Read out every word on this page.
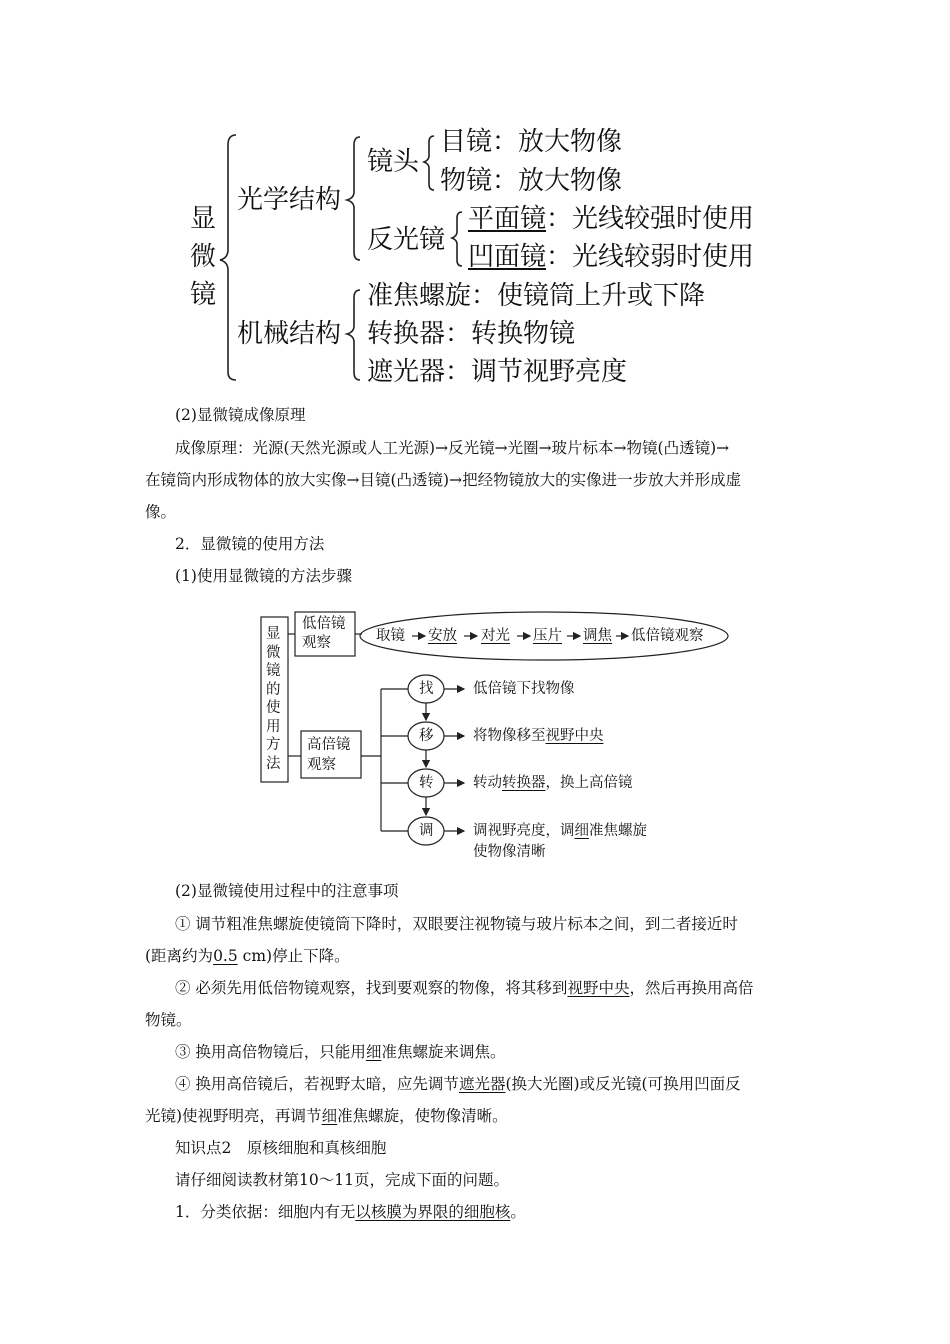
显
微
镜
光学结构
镜头
目镜：放大物像
物镜：放大物像
反光镜
平面镜：光线较强时使用
凹面镜：光线较弱时使用
机械结构
准焦螺旋：使镜筒上升或下降
转换器：转换物镜
遮光器：调节视野亮度
(2)显微镜成像原理
成像原理：光源(天然光源或人工光源)→反光镜→光圈→玻片标本→物镜(凸透镜)→
在镜筒内形成物体的放大实像→目镜(凸透镜)→把经物镜放大的实像进一步放大并形成虚
像。
2．显微镜的使用方法
(1)使用显微镜的方法步骤
显微镜的使用方法
低倍镜
观察	取镜 安放 对光 压片 调焦 低倍镜观察
高倍镜
观察
找
移
转
调
低倍镜下找物像
将物像移至视野中央
转动转换器，换上高倍镜
调视野亮度，调细准焦螺旋
使物像清晰
(2)显微镜使用过程中的注意事项
① 调节粗准焦螺旋使镜筒下降时，双眼要注视物镜与玻片标本之间，到二者接近时
(距离约为0.5 cm)停止下降。
② 必须先用低倍物镜观察，找到要观察的物像，将其移到视野中央，然后再换用高倍
物镜。
③ 换用高倍物镜后，只能用细准焦螺旋来调焦。
④ 换用高倍镜后，若视野太暗，应先调节遮光器(换大光圈)或反光镜(可换用凹面反
光镜)使视野明亮，再调节细准焦螺旋，使物像清晰。
知识点2　原核细胞和真核细胞
请仔细阅读教材第10～11页，完成下面的问题。
1．分类依据：细胞内有无以核膜为界限的细胞核。
